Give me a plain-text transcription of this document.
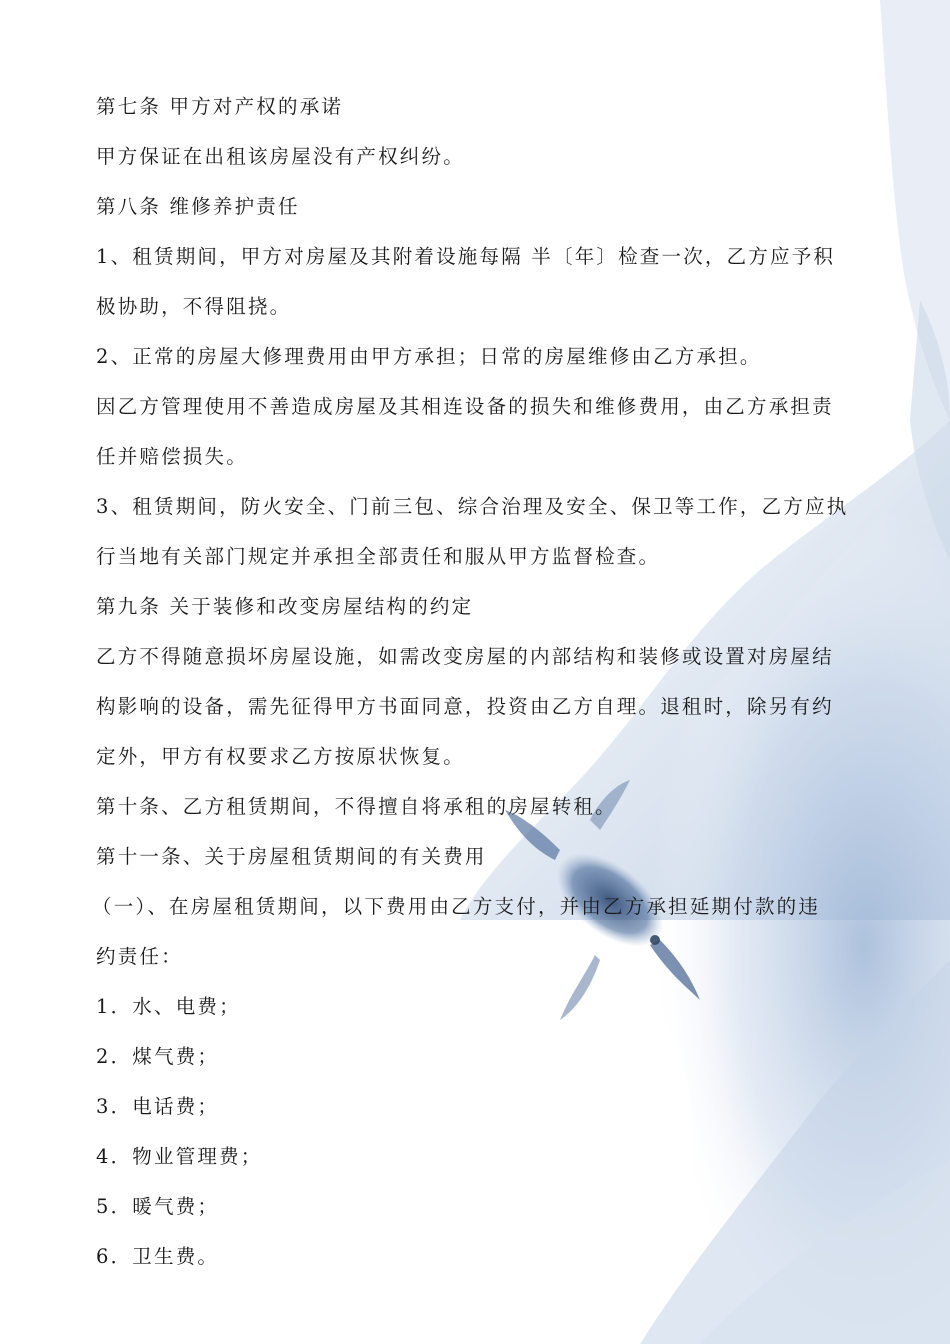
第七条 甲方对产权的承诺
甲方保证在出租该房屋没有产权纠纷。
第八条 维修养护责任
1、租赁期间，甲方对房屋及其附着设施每隔 半〔年〕检查一次，乙方应予积
极协助，不得阻挠。
2、正常的房屋大修理费用由甲方承担；日常的房屋维修由乙方承担。
因乙方管理使用不善造成房屋及其相连设备的损失和维修费用，由乙方承担责
任并赔偿损失。
3、租赁期间，防火安全、门前三包、综合治理及安全、保卫等工作，乙方应执
行当地有关部门规定并承担全部责任和服从甲方监督检查。
第九条 关于装修和改变房屋结构的约定
乙方不得随意损坏房屋设施，如需改变房屋的内部结构和装修或设置对房屋结
构影响的设备，需先征得甲方书面同意，投资由乙方自理。退租时，除另有约
定外，甲方有权要求乙方按原状恢复。
第十条、乙方租赁期间，不得擅自将承租的房屋转租。
第十一条、关于房屋租赁期间的有关费用
（一）、在房屋租赁期间，以下费用由乙方支付，并由乙方承担延期付款的违
约责任：
1．水、电费；
2．煤气费；
3．电话费；
4．物业管理费；
5．暖气费；
6．卫生费。
